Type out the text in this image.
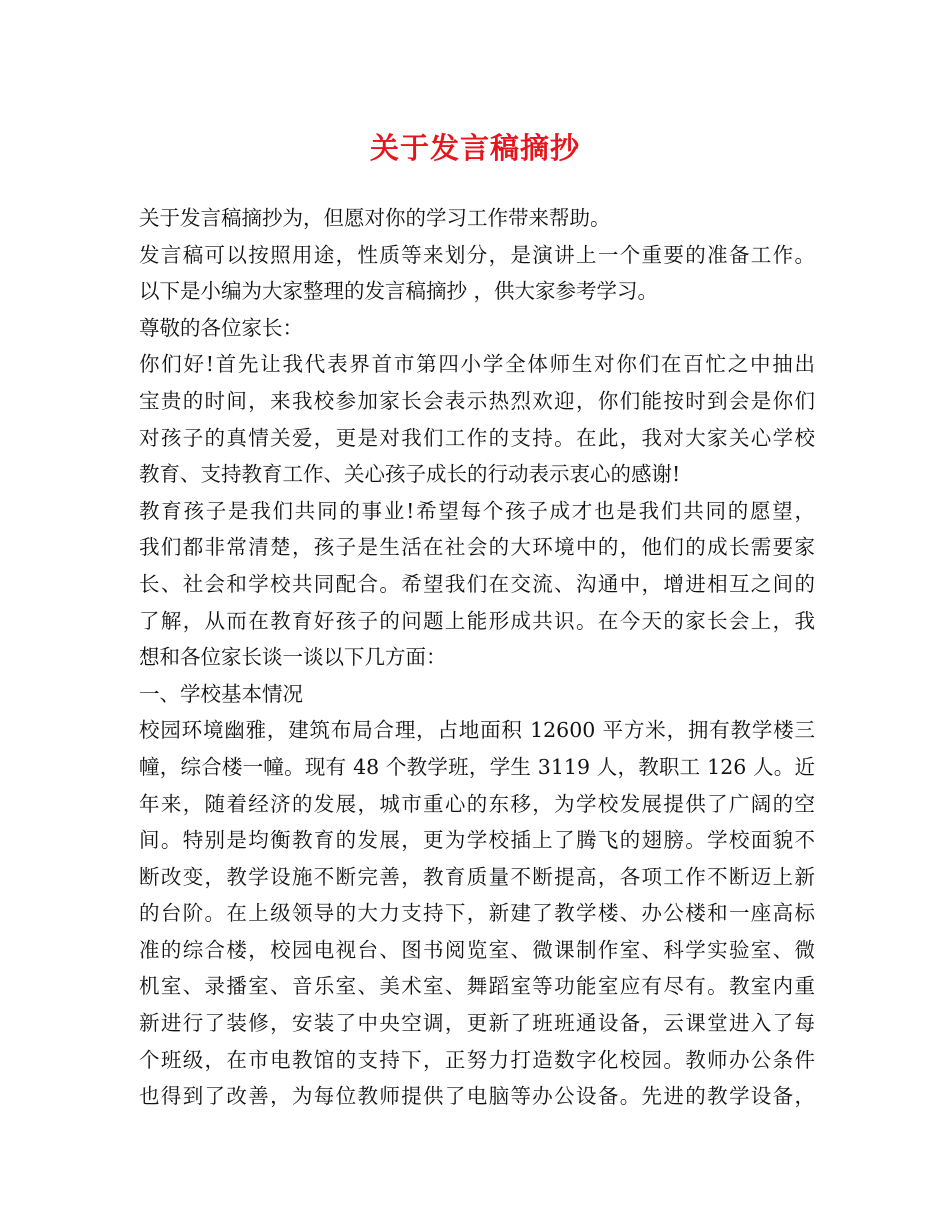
关于发言稿摘抄
关于发言稿摘抄为，但愿对你的学习工作带来帮助。
发言稿可以按照用途，性质等来划分，是演讲上一个重要的准备工作。
以下是小编为大家整理的发言稿摘抄 ，供大家参考学习。
尊敬的各位家长：
你们好!首先让我代表界首市第四小学全体师生对你们在百忙之中抽出
宝贵的时间，来我校参加家长会表示热烈欢迎，你们能按时到会是你们
对孩子的真情关爱，更是对我们工作的支持。在此，我对大家关心学校
教育、支持教育工作、关心孩子成长的行动表示衷心的感谢!
教育孩子是我们共同的事业!希望每个孩子成才也是我们共同的愿望，
我们都非常清楚，孩子是生活在社会的大环境中的，他们的成长需要家
长、社会和学校共同配合。希望我们在交流、沟通中，增进相互之间的
了解，从而在教育好孩子的问题上能形成共识。在今天的家长会上，我
想和各位家长谈一谈以下几方面：
一、学校基本情况
校园环境幽雅，建筑布局合理，占地面积 12600 平方米，拥有教学楼三
幢，综合楼一幢。现有 48 个教学班，学生 3119 人，教职工 126 人。近
年来，随着经济的发展，城市重心的东移，为学校发展提供了广阔的空
间。特别是均衡教育的发展，更为学校插上了腾飞的翅膀。学校面貌不
断改变，教学设施不断完善，教育质量不断提高，各项工作不断迈上新
的台阶。在上级领导的大力支持下，新建了教学楼、办公楼和一座高标
准的综合楼，校园电视台、图书阅览室、微课制作室、科学实验室、微
机室、录播室、音乐室、美术室、舞蹈室等功能室应有尽有。教室内重
新进行了装修，安装了中央空调，更新了班班通设备，云课堂进入了每
个班级，在市电教馆的支持下，正努力打造数字化校园。教师办公条件
也得到了改善，为每位教师提供了电脑等办公设备。先进的教学设备，
